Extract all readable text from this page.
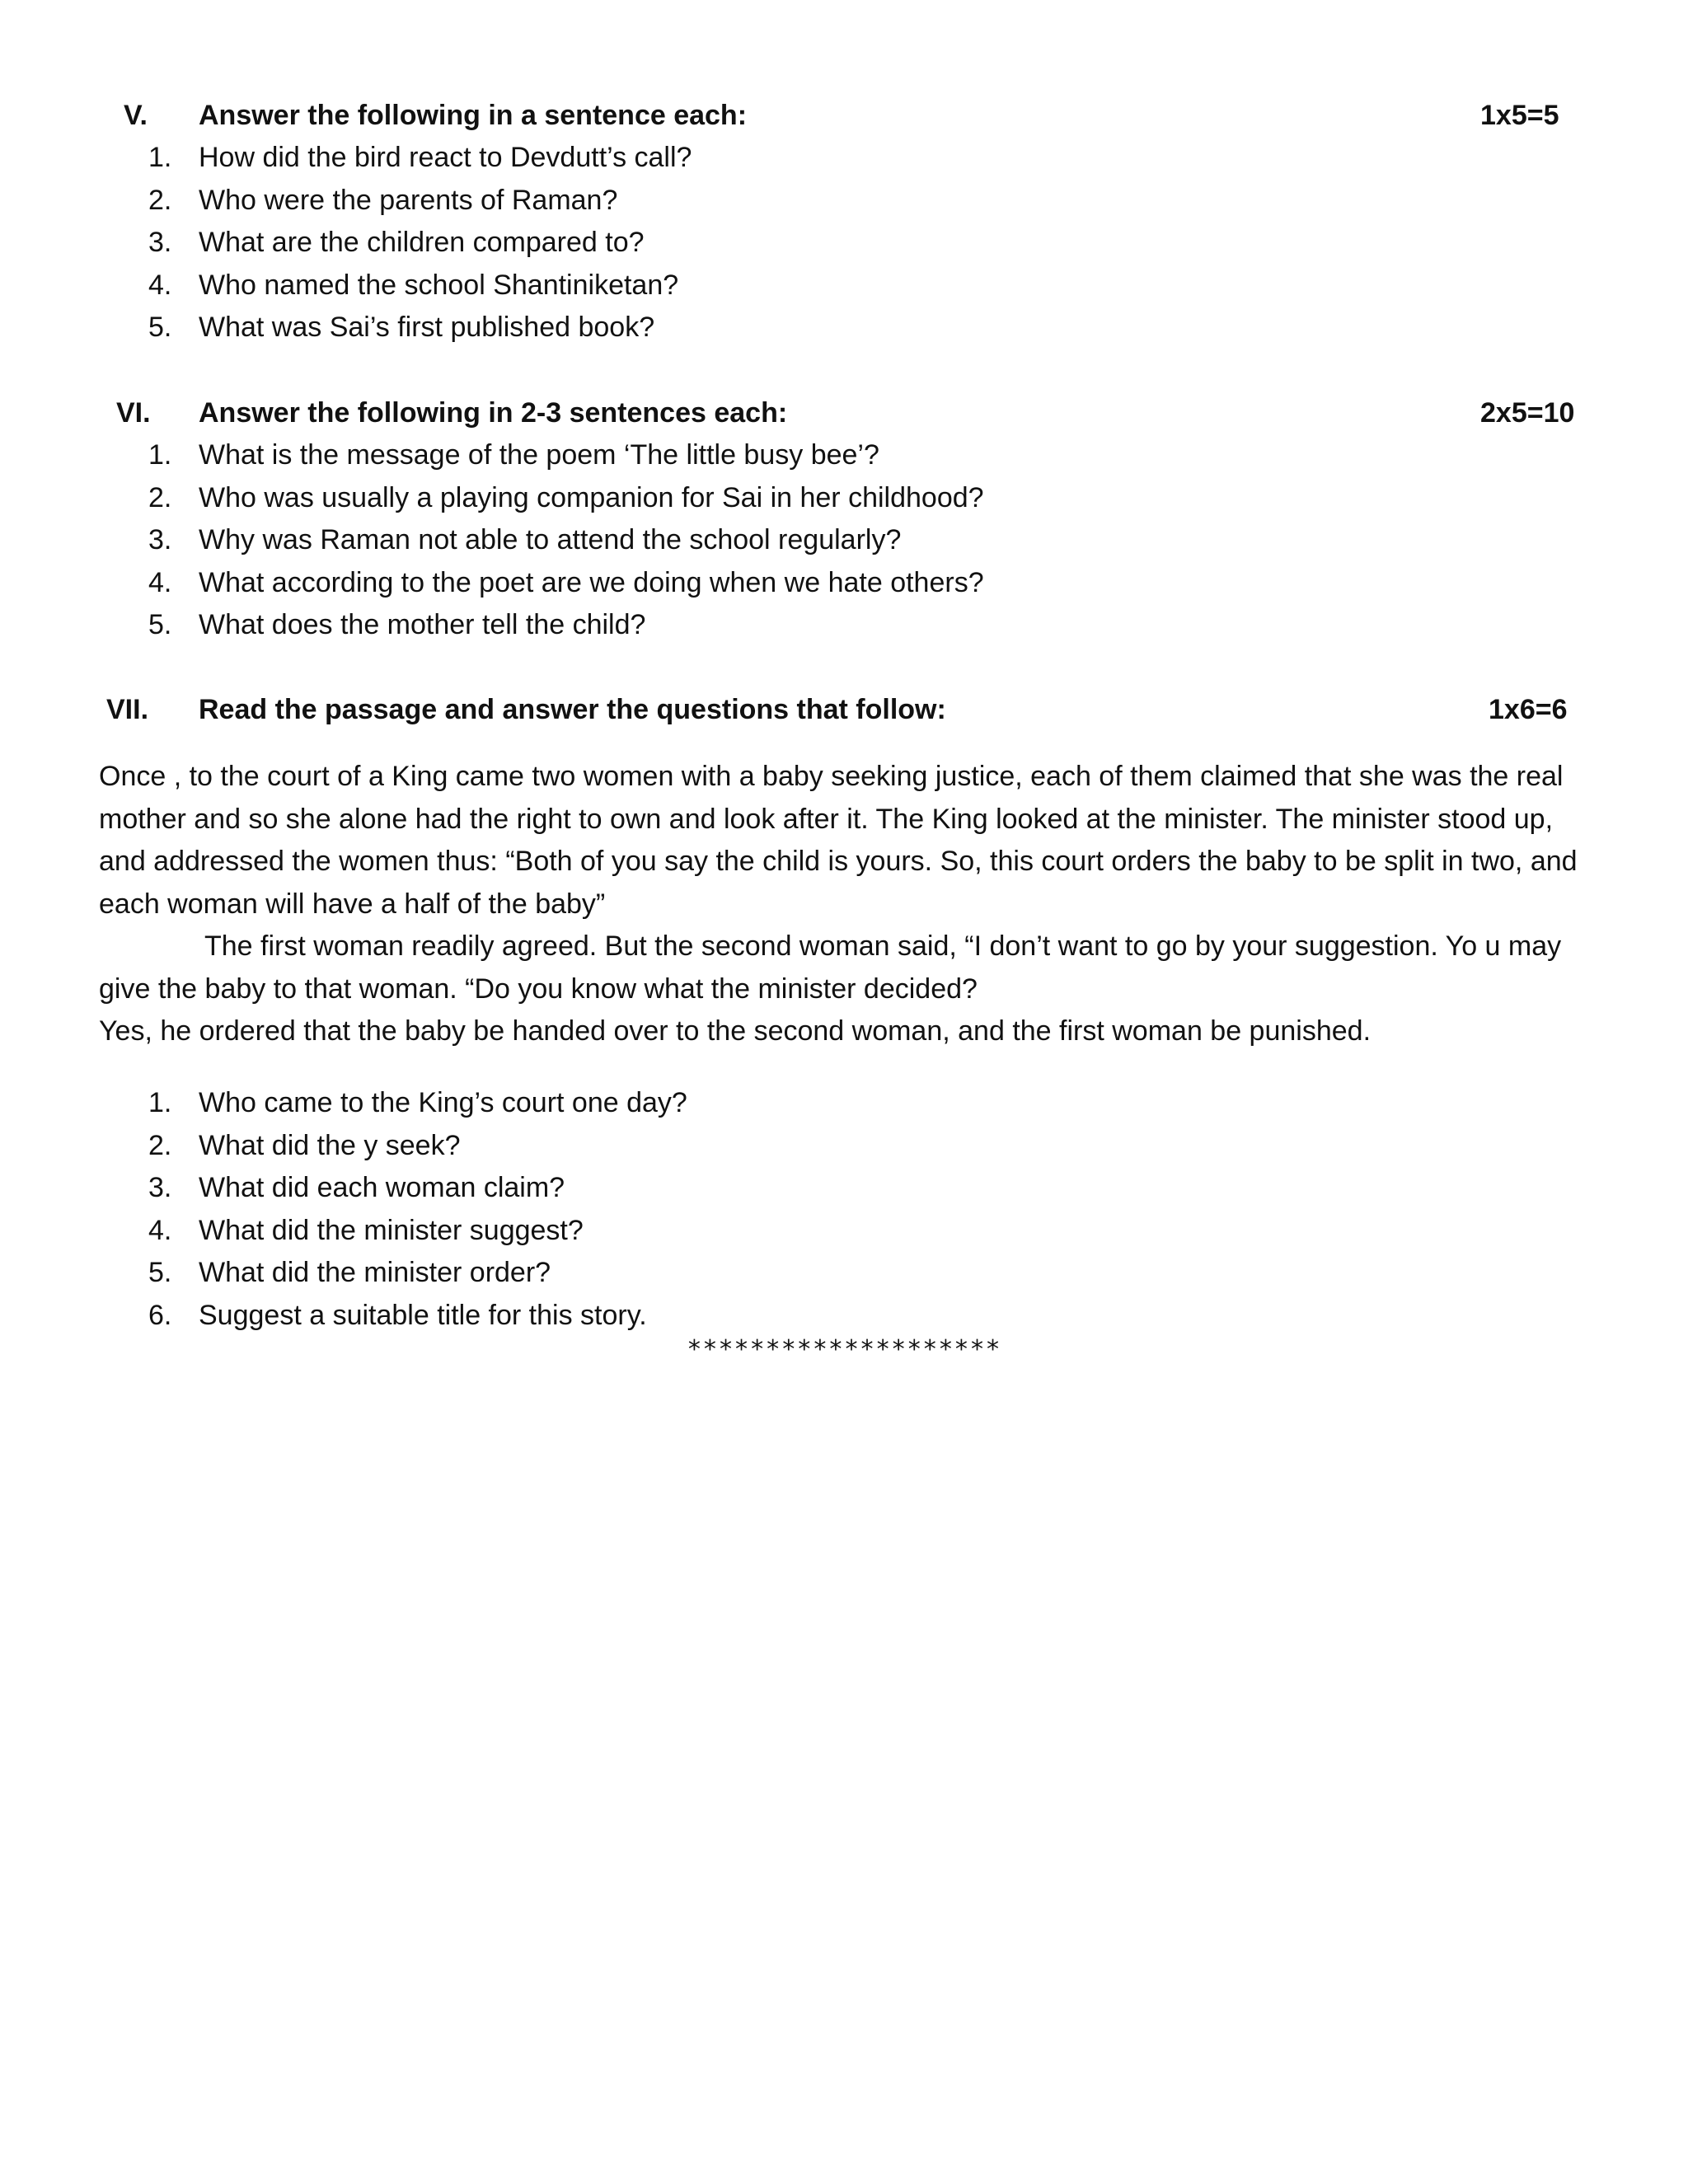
V. Answer the following in a sentence each:	1x5=5
1. How did the bird react to Devdutt’s call?
2. Who were the parents of Raman?
3. What are the children compared to?
4. Who named the school Shantiniketan?
5. What was Sai’s first published book?
VI. Answer the following in 2-3 sentences each:	2x5=10
1. What is the message of the poem ‘The little busy bee’?
2. Who was usually a playing companion for Sai in her childhood?
3. Why was Raman not able to attend the school regularly?
4. What according to the poet are we doing when we hate others?
5. What does the mother tell the child?
VII. Read the passage and answer the questions that follow:	1x6=6

Once , to the court of a King came two women with a baby seeking justice, each of them claimed that she was the real mother and so she alone had the right to own and look after it. The King looked at the minister. The minister stood up, and addressed the women thus: “Both of you say the child is yours. So, this court orders the baby to be split in two, and each woman will have a half of the baby”

The first woman readily agreed. But the second woman said, “I don’t want to go by your suggestion. Yo u may give the baby to that woman. “Do you know what the minister decided?

Yes, he ordered that the baby be handed over to the second woman, and the first woman be punished.

1. Who came to the King’s court one day?
2. What did the y seek?
3. What did each woman claim?
4. What did the minister suggest?
5. What did the minister order?
6. Suggest a suitable title for this story.
********************
